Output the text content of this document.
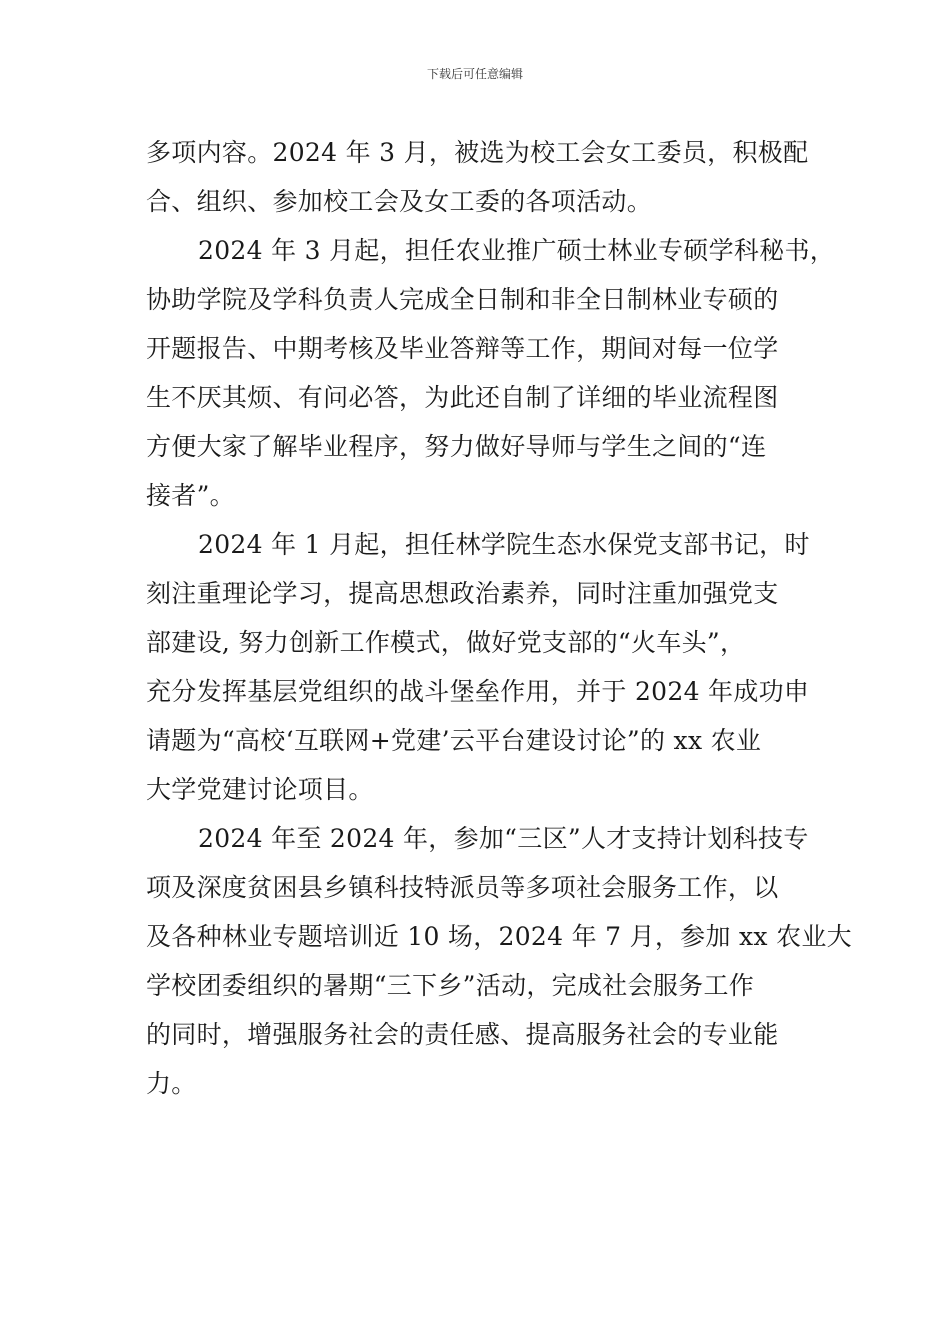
下载后可任意编辑
多项内容。2024 年 3 月，被选为校工会女工委员，积极配
合、组织、参加校工会及女工委的各项活动。
2024 年 3 月起，担任农业推广硕士林业专硕学科秘书，
协助学院及学科负责人完成全日制和非全日制林业专硕的
开题报告、中期考核及毕业答辩等工作，期间对每一位学
生不厌其烦、有问必答，为此还自制了详细的毕业流程图
方便大家了解毕业程序，努力做好导师与学生之间的“连
接者”。
2024 年 1 月起，担任林学院生态水保党支部书记，时
刻注重理论学习，提高思想政治素养，同时注重加强党支
部建设, 努力创新工作模式，做好党支部的“火车头”，
充分发挥基层党组织的战斗堡垒作用，并于 2024 年成功申
请题为“高校‘互联网+党建’云平台建设讨论”的 xx 农业
大学党建讨论项目。
2024 年至 2024 年，参加“三区”人才支持计划科技专
项及深度贫困县乡镇科技特派员等多项社会服务工作，以
及各种林业专题培训近 10 场，2024 年 7 月，参加 xx 农业大
学校团委组织的暑期“三下乡”活动，完成社会服务工作
的同时，增强服务社会的责任感、提高服务社会的专业能
力。
